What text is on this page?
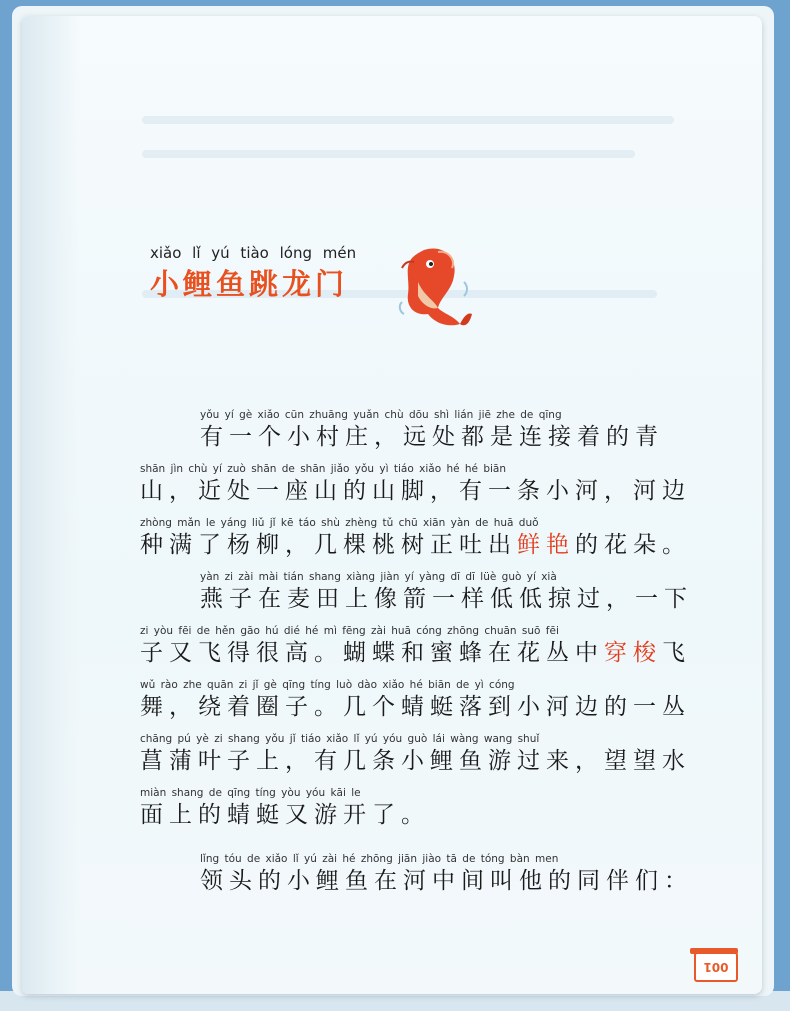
xiǎo lǐ yú tiào lóng mén
小鲤鱼跳龙门
yǒu yí gè xiǎo cūn zhuāng yuǎn chù dōu shì lián jiē zhe de qīng
有一个小村庄，远处都是连接着的青
shān jìn chù yí zuò shān de shān jiǎo yǒu yì tiáo xiǎo hé hé biān
山，近处一座山的山脚，有一条小河，河边
zhòng mǎn le yáng liǔ jǐ kē táo shù zhèng tǔ chū xiān yàn de huā duǒ
种满了杨柳，几棵桃树正吐出鲜艳的花朵。
yàn zi zài mài tián shang xiàng jiàn yí yàng dī dī lüè guò yí xià
燕子在麦田上像箭一样低低掠过，一下
zi yòu fēi de hěn gāo hú dié hé mì fēng zài huā cóng zhōng chuān suō fēi
子又飞得很高。蝴蝶和蜜蜂在花丛中穿梭飞
wǔ rào zhe quān zi jǐ gè qīng tíng luò dào xiǎo hé biān de yì cóng
舞，绕着圈子。几个蜻蜓落到小河边的一丛
chāng pú yè zi shang yǒu jǐ tiáo xiǎo lǐ yú yóu guò lái wàng wang shuǐ
菖蒲叶子上，有几条小鲤鱼游过来，望望水
miàn shang de qīng tíng yòu yóu kāi le
面上的蜻蜓又游开了。
lǐng tóu de xiǎo lǐ yú zài hé zhōng jiān jiào tā de tóng bàn men
领头的小鲤鱼在河中间叫他的同伴们：
001
